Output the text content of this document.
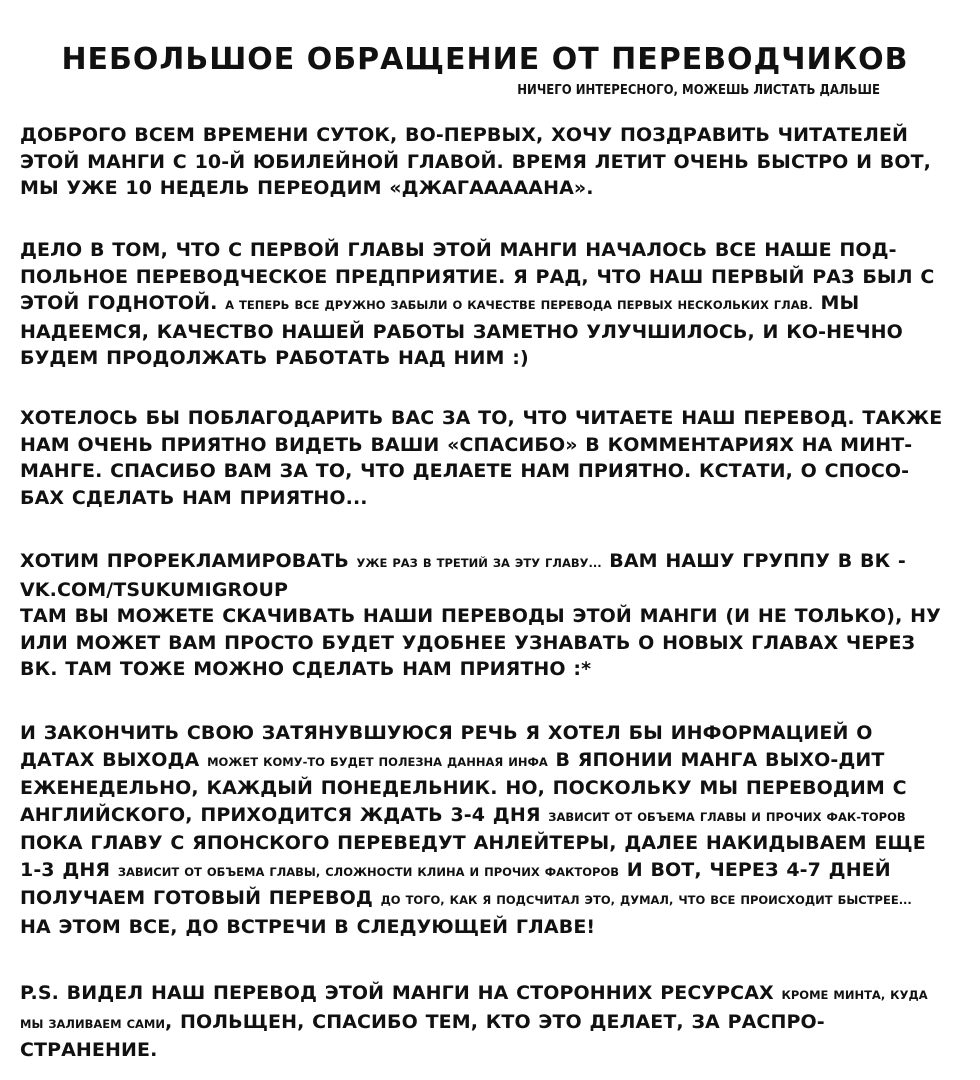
НЕБОЛЬШОЕ ОБРАЩЕНИЕ ОТ ПЕРЕВОДЧИКОВ
НИЧЕГО ИНТЕРЕСНОГО, МОЖЕШЬ ЛИСТАТЬ ДАЛЬШЕ
ДОБРОГО ВСЕМ ВРЕМЕНИ СУТОК, ВО-ПЕРВЫХ, ХОЧУ ПОЗДРАВИТЬ ЧИТАТЕЛЕЙ ЭТОЙ МАНГИ С 10-Й ЮБИЛЕЙНОЙ ГЛАВОЙ. ВРЕМЯ ЛЕТИТ ОЧЕНЬ БЫСТРО И ВОТ, МЫ УЖЕ 10 НЕДЕЛЬ ПЕРЕОДИМ «ДЖАГАААААНА».
ДЕЛО В ТОМ, ЧТО С ПЕРВОЙ ГЛАВЫ ЭТОЙ МАНГИ НАЧАЛОСЬ ВСЕ НАШЕ ПОД-ПОЛЬНОЕ ПЕРЕВОДЧЕСКОЕ ПРЕДПРИЯТИЕ. Я РАД, ЧТО НАШ ПЕРВЫЙ РАЗ БЫЛ С ЭТОЙ ГОДНОТОЙ. А ТЕПЕРЬ ВСЕ ДРУЖНО ЗАБЫЛИ О КАЧЕСТВЕ ПЕРЕВОДА ПЕРВЫХ НЕСКОЛЬКИХ ГЛАВ. МЫ НАДЕЕМСЯ, КАЧЕСТВО НАШЕЙ РАБОТЫ ЗАМЕТНО УЛУЧШИЛОСЬ, И КО-НЕЧНО БУДЕМ ПРОДОЛЖАТЬ РАБОТАТЬ НАД НИМ :)
ХОТЕЛОСЬ БЫ ПОБЛАГОДАРИТЬ ВАС ЗА ТО, ЧТО ЧИТАЕТЕ НАШ ПЕРЕВОД. ТАКЖЕ НАМ ОЧЕНЬ ПРИЯТНО ВИДЕТЬ ВАШИ «СПАСИБО» В КОММЕНТАРИЯХ НА МИНТ-МАНГЕ. СПАСИБО ВАМ ЗА ТО, ЧТО ДЕЛАЕТЕ НАМ ПРИЯТНО. КСТАТИ, О СПОСО-БАХ СДЕЛАТЬ НАМ ПРИЯТНО...
ХОТИМ ПРОРЕКЛАМИРОВАТЬ УЖЕ РАЗ В ТРЕТИЙ ЗА ЭТУ ГЛАВУ... ВАМ НАШУ ГРУППУ В ВК - VK.COM/TSUKUMIGROUP
ТАМ ВЫ МОЖЕТЕ СКАЧИВАТЬ НАШИ ПЕРЕВОДЫ ЭТОЙ МАНГИ (И НЕ ТОЛЬКО), НУ ИЛИ МОЖЕТ ВАМ ПРОСТО БУДЕТ УДОБНЕЕ УЗНАВАТЬ О НОВЫХ ГЛАВАХ ЧЕРЕЗ ВК. ТАМ ТОЖЕ МОЖНО СДЕЛАТЬ НАМ ПРИЯТНО :*
И ЗАКОНЧИТЬ СВОЮ ЗАТЯНУВШУЮСЯ РЕЧЬ Я ХОТЕЛ БЫ ИНФОРМАЦИЕЙ О ДАТАХ ВЫХОДА МОЖЕТ КОМУ-ТО БУДЕТ ПОЛЕЗНА ДАННАЯ ИНФА В ЯПОНИИ МАНГА ВЫХО-ДИТ ЕЖЕНЕДЕЛЬНО, КАЖДЫЙ ПОНЕДЕЛЬНИК. НО, ПОСКОЛЬКУ МЫ ПЕРЕВОДИМ С АНГЛИЙСКОГО, ПРИХОДИТСЯ ЖДАТЬ 3-4 ДНЯ ЗАВИСИТ ОТ ОБЪЕМА ГЛАВЫ И ПРОЧИХ ФАК-ТОРОВ ПОКА ГЛАВУ С ЯПОНСКОГО ПЕРЕВЕДУТ АНЛЕЙТЕРЫ, ДАЛЕЕ НАКИДЫВАЕМ ЕЩЕ 1-3 ДНЯ ЗАВИСИТ ОТ ОБЪЕМА ГЛАВЫ, СЛОЖНОСТИ КЛИНА И ПРОЧИХ ФАКТОРОВ И ВОТ, ЧЕРЕЗ 4-7 ДНЕЙ ПОЛУЧАЕМ ГОТОВЫЙ ПЕРЕВОД ДО ТОГО, КАК Я ПОДСЧИТАЛ ЭТО, ДУМАЛ, ЧТО ВСЕ ПРОИСХОДИТ БЫСТРЕЕ... НА ЭТОМ ВСЕ, ДО ВСТРЕЧИ В СЛЕДУЮЩЕЙ ГЛАВЕ!
P.S. ВИДЕЛ НАШ ПЕРЕВОД ЭТОЙ МАНГИ НА СТОРОННИХ РЕСУРСАХ КРОМЕ МИНТА, КУДА МЫ ЗАЛИВАЕМ САМИ, ПОЛЬЩЕН, СПАСИБО ТЕМ, КТО ЭТО ДЕЛАЕТ, ЗА РАСПРО-СТРАНЕНИЕ.
